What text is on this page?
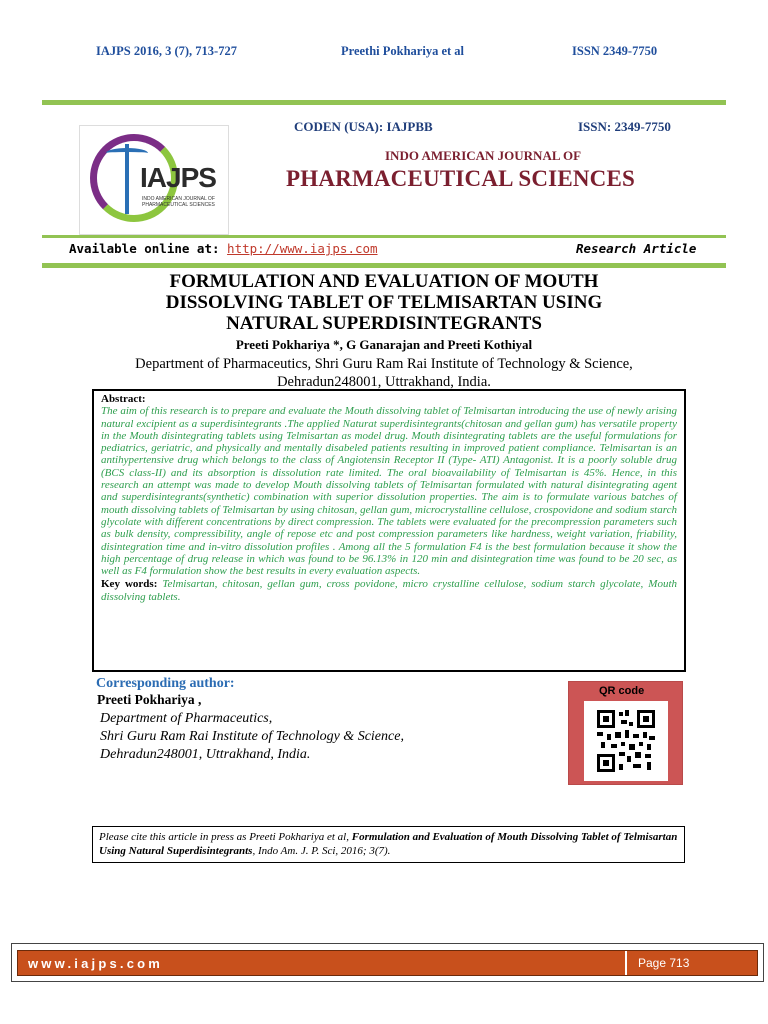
IAJPS 2016, 3 (7), 713-727	Preethi Pokhariya et al	ISSN 2349-7750
IAJPS
INDO AMERICAN JOURNAL OF PHARMACEUTICAL SCIENCES
CODEN (USA): IAJPBB	ISSN: 2349-7750
INDO AMERICAN JOURNAL OF
PHARMACEUTICAL SCIENCES
Available online at: http://www.iajps.com	Research Article
FORMULATION AND EVALUATION OF MOUTH
DISSOLVING TABLET OF TELMISARTAN USING
NATURAL SUPERDISINTEGRANTS
Preeti Pokhariya *, G Ganarajan and Preeti Kothiyal
Department of Pharmaceutics, Shri Guru Ram Rai Institute of Technology & Science,
Dehradun248001, Uttrakhand, India.
Abstract:
The aim of this research is to prepare and evaluate the Mouth dissolving tablet of Telmisartan introducing the use of newly arising natural excipient as a superdisintegrants .The applied Naturat superdisintegrants(chitosan and gellan gum) has versatile property in the Mouth disintegrating tablets using Telmisartan as model drug. Mouth disintegrating tablets are the useful formulations for pediatrics, geriatric, and physically and mentally disabeled patients resulting in improved patient compliance. Telmisartan is an antihypertensive drug which belongs to the class of Angiotensin Receptor II (Type- ATI) Antagonist. It is a poorly soluble drug (BCS class-II) and its absorption is dissolution rate limited. The oral bioavailability of Telmisartan is 45%. Hence, in this research an attempt was made to develop Mouth dissolving tablets of Telmisartan formulated with natural disintegrating agent and superdisintegrants(synthetic) combination with superior dissolution properties. The aim is to formulate various batches of mouth dissolving tablets of Telmisartan by using chitosan, gellan gum, microcrystalline cellulose, crospovidone and sodium starch glycolate with different concentrations by direct compression. The tablets were evaluated for the precompression parameters such as bulk density, compressibility, angle of repose etc and post compression parameters like hardness, weight variation, friability, disintegration time and in-vitro dissolution profiles . Among all the 5 formulation F4 is the best formulation because it show the high percentage of drug release in which was found to be 96.13% in 120 min and disintegration time was found to be 20 sec, as well as F4 formulation show the best results in every evaluation aspects.
Key words: Telmisartan, chitosan, gellan gum, cross povidone, micro crystalline cellulose, sodium starch glycolate, Mouth dissolving tablets.
Corresponding author:
Preeti Pokhariya ,
Department of Pharmaceutics,
Shri Guru Ram Rai Institute of Technology & Science,
Dehradun248001, Uttrakhand, India.
QR code
Please cite this article in press as Preeti Pokhariya et al, Formulation and Evaluation of Mouth Dissolving Tablet of Telmisartan Using Natural Superdisintegrants, Indo Am. J. P. Sci, 2016; 3(7).
www.iajps.com	Page 713
